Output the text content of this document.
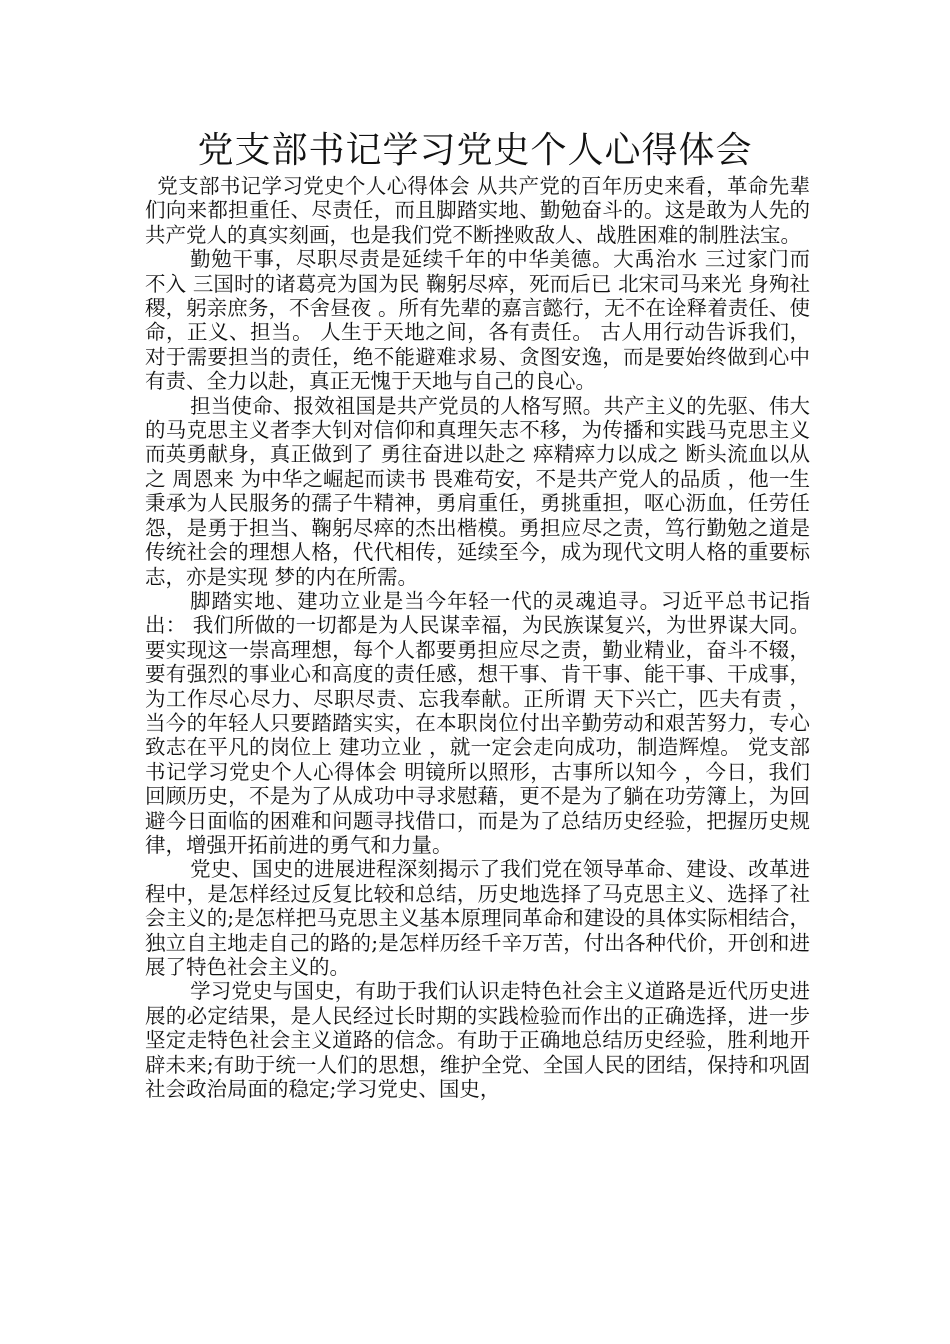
党支部书记学习党史个人心得体会

党支部书记学习党史个人心得体会 从共产党的百年历史来看，革命先辈们向来都担重任、尽责任，而且脚踏实地、勤勉奋斗的。这是敢为人先的共产党人的真实刻画，也是我们党不断挫败敌人、战胜困难的制胜法宝。

勤勉干事，尽职尽责是延续千年的中华美德。大禹治水 三过家门而不入 三国时的诸葛亮为国为民 鞠躬尽瘁，死而后已 北宋司马来光 身殉社稷，躬亲庶务，不舍昼夜 。所有先辈的嘉言懿行，无不在诠释着责任、使命，正义、担当。 人生于天地之间，各有责任。 古人用行动告诉我们，对于需要担当的责任，绝不能避难求易、贪图安逸，而是要始终做到心中有责、全力以赴，真正无愧于天地与自己的良心。

担当使命、报效祖国是共产党员的人格写照。共产主义的先驱、伟大的马克思主义者李大钊对信仰和真理矢志不移，为传播和实践马克思主义而英勇献身，真正做到了 勇往奋进以赴之 瘁精瘁力以成之 断头流血以从之 周恩来 为中华之崛起而读书 畏难苟安，不是共产党人的品质 ，他一生秉承为人民服务的孺子牛精神，勇肩重任，勇挑重担，呕心沥血，任劳任怨，是勇于担当、鞠躬尽瘁的杰出楷模。勇担应尽之责，笃行勤勉之道是传统社会的理想人格，代代相传，延续至今，成为现代文明人格的重要标志，亦是实现 梦的内在所需。

脚踏实地、建功立业是当今年轻一代的灵魂追寻。习近平总书记指出： 我们所做的一切都是为人民谋幸福，为民族谋复兴，为世界谋大同。 要实现这一崇高理想，每个人都要勇担应尽之责，勤业精业，奋斗不辍，要有强烈的事业心和高度的责任感，想干事、肯干事、能干事、干成事，为工作尽心尽力、尽职尽责、忘我奉献。正所谓 天下兴亡，匹夫有责 ，当今的年轻人只要踏踏实实，在本职岗位付出辛勤劳动和艰苦努力，专心致志在平凡的岗位上 建功立业 ，就一定会走向成功，制造辉煌。 党支部书记学习党史个人心得体会 明镜所以照形，古事所以知今 ，今日，我们回顾历史，不是为了从成功中寻求慰藉，更不是为了躺在功劳簿上，为回避今日面临的困难和问题寻找借口，而是为了总结历史经验，把握历史规律，增强开拓前进的勇气和力量。

党史、国史的进展进程深刻揭示了我们党在领导革命、建设、改革进程中，是怎样经过反复比较和总结，历史地选择了马克思主义、选择了社会主义的;是怎样把马克思主义基本原理同革命和建设的具体实际相结合，独立自主地走自己的路的;是怎样历经千辛万苦，付出各种代价，开创和进展了特色社会主义的。

学习党史与国史，有助于我们认识走特色社会主义道路是近代历史进展的必定结果，是人民经过长时期的实践检验而作出的正确选择，进一步坚定走特色社会主义道路的信念。有助于正确地总结历史经验，胜利地开辟未来;有助于统一人们的思想，维护全党、全国人民的团结，保持和巩固社会政治局面的稳定;学习党史、国史，
